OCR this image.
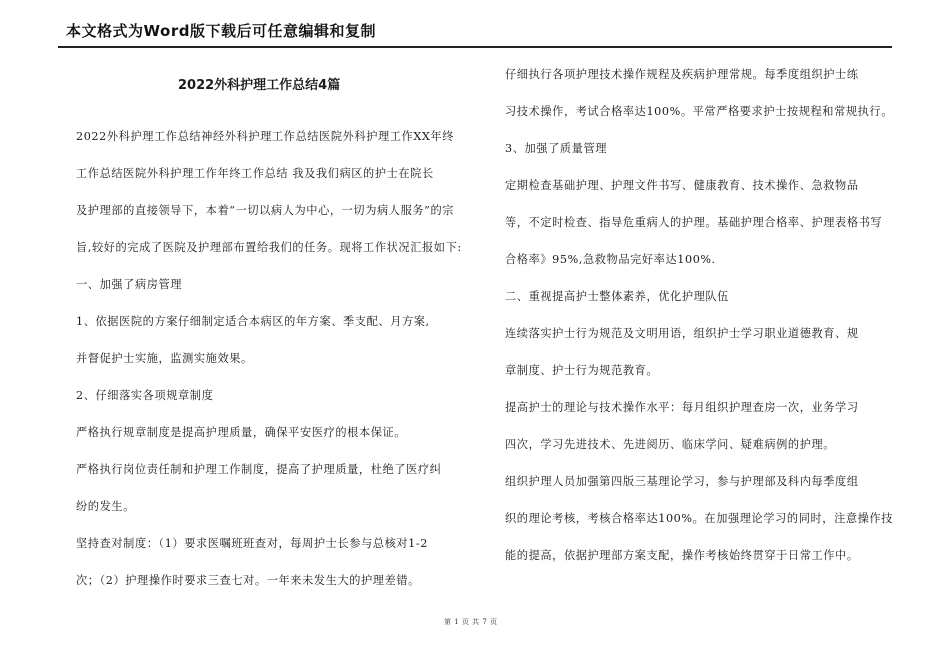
本文格式为Word版下载后可任意编辑和复制
2022外科护理工作总结4篇

2022外科护理工作总结神经外科护理工作总结医院外科护理工作XX年终

工作总结医院外科护理工作年终工作总结 我及我们病区的护士在院长

及护理部的直接领导下，本着“一切以病人为中心，一切为病人服务”的宗

旨,较好的完成了医院及护理部布置给我们的任务。现将工作状况汇报如下:

一、加强了病房管理

1、依据医院的方案仔细制定适合本病区的年方案、季支配、月方案,

并督促护士实施，监测实施效果。

2、仔细落实各项规章制度

严格执行规章制度是提高护理质量，确保平安医疗的根本保证。

严格执行岗位责任制和护理工作制度，提高了护理质量，杜绝了医疗纠

纷的发生。

坚持查对制度：（1）要求医嘱班班查对，每周护士长参与总核对1-2

次；（2）护理操作时要求三查七对。一年来未发生大的护理差错。

仔细执行各项护理技术操作规程及疾病护理常规。每季度组织护士练

习技术操作，考试合格率达100%。平常严格要求护士按规程和常规执行。

3、加强了质量管理

定期检查基础护理、护理文件书写、健康教育、技术操作、急救物品

等，不定时检查、指导危重病人的护理。基础护理合格率、护理表格书写

合格率》95%,急救物品完好率达100%.

二、重视提高护士整体素养，优化护理队伍

连续落实护士行为规范及文明用语，组织护士学习职业道德教育、规

章制度、护士行为规范教育。

提高护士的理论与技术操作水平：每月组织护理查房一次，业务学习

四次，学习先进技术、先进阅历、临床学问、疑难病例的护理。

组织护理人员加强第四版三基理论学习，参与护理部及科内每季度组

织的理论考核，考核合格率达100%。在加强理论学习的同时，注意操作技

能的提高，依据护理部方案支配，操作考核始终贯穿于日常工作中。

第 1 页 共 7 页
